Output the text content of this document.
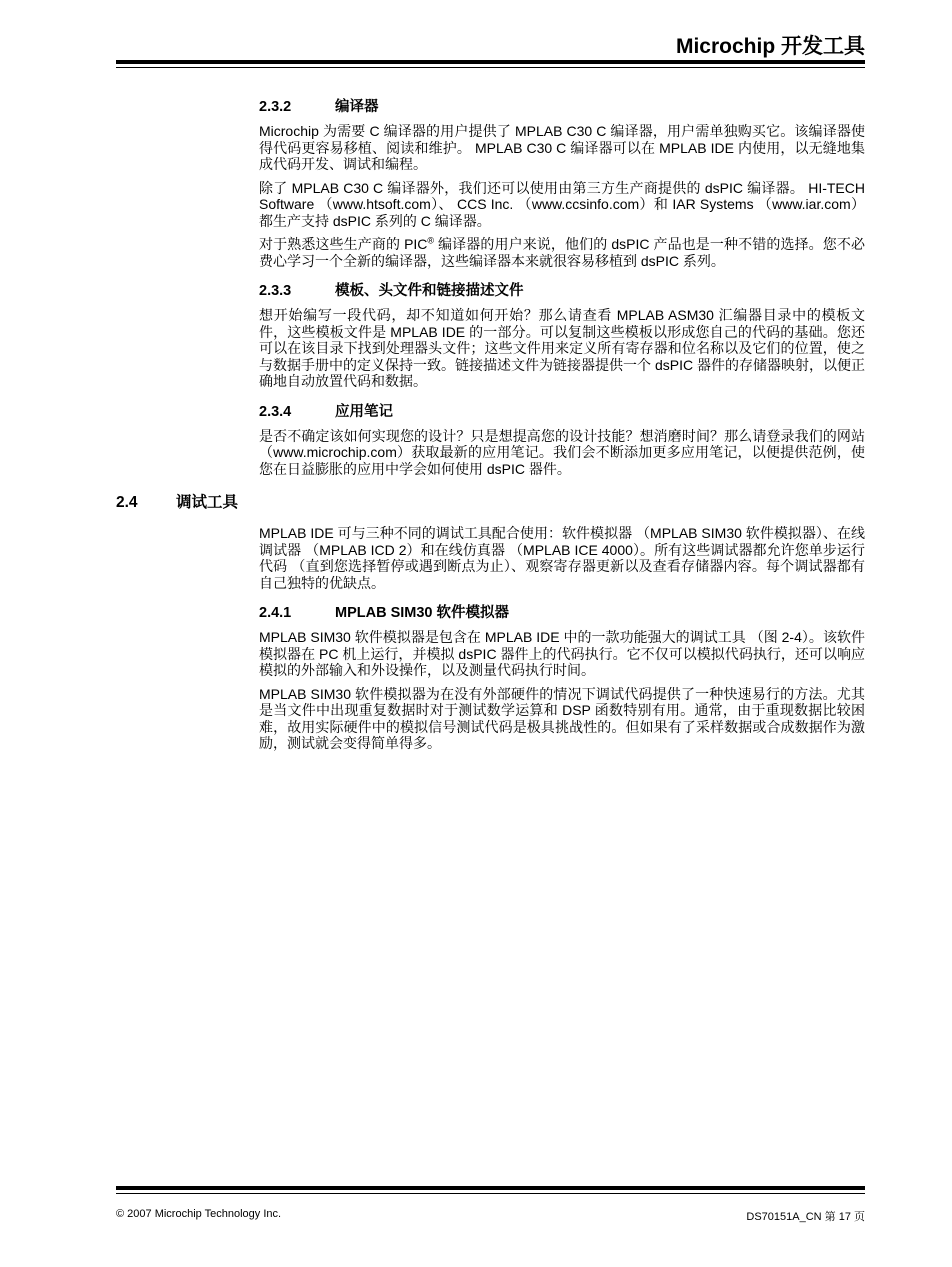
Microchip 开发工具
2.3.2	编译器

Microchip 为需要 C 编译器的用户提供了 MPLAB C30 C 编译器，用户需单独购买它。该编译器使得代码更容易移植、阅读和维护。 MPLAB C30 C 编译器可以在 MPLAB IDE 内使用，以无缝地集成代码开发、调试和编程。

除了 MPLAB C30 C 编译器外，我们还可以使用由第三方生产商提供的 dsPIC 编译器。 HI-TECH Software （www.htsoft.com）、 CCS Inc. （www.ccsinfo.com）和 IAR Systems （www.iar.com）都生产支持 dsPIC 系列的 C 编译器。

对于熟悉这些生产商的 PIC® 编译器的用户来说，他们的 dsPIC 产品也是一种不错的选择。您不必费心学习一个全新的编译器，这些编译器本来就很容易移植到 dsPIC 系列。

2.3.3	模板、头文件和链接描述文件

想开始编写一段代码，却不知道如何开始？那么请查看 MPLAB ASM30 汇编器目录中的模板文件，这些模板文件是 MPLAB IDE 的一部分。可以复制这些模板以形成您自己的代码的基础。您还可以在该目录下找到处理器头文件；这些文件用来定义所有寄存器和位名称以及它们的位置，使之与数据手册中的定义保持一致。链接描述文件为链接器提供一个 dsPIC 器件的存储器映射，以便正确地自动放置代码和数据。

2.3.4	应用笔记

是否不确定该如何实现您的设计？只是想提高您的设计技能？想消磨时间？那么请登录我们的网站 （www.microchip.com）获取最新的应用笔记。我们会不断添加更多应用笔记，以便提供范例，使您在日益膨胀的应用中学会如何使用 dsPIC 器件。

2.4 调试工具

MPLAB IDE 可与三种不同的调试工具配合使用：软件模拟器 （MPLAB SIM30 软件模拟器）、在线调试器 （MPLAB ICD 2）和在线仿真器 （MPLAB ICE 4000）。所有这些调试器都允许您单步运行代码 （直到您选择暂停或遇到断点为止）、观察寄存器更新以及查看存储器内容。每个调试器都有自己独特的优缺点。

2.4.1	MPLAB SIM30 软件模拟器

MPLAB SIM30 软件模拟器是包含在 MPLAB IDE 中的一款功能强大的调试工具 （图 2-4）。该软件模拟器在 PC 机上运行，并模拟 dsPIC 器件上的代码执行。它不仅可以模拟代码执行，还可以响应模拟的外部输入和外设操作，以及测量代码执行时间。

MPLAB SIM30 软件模拟器为在没有外部硬件的情况下调试代码提供了一种快速易行的方法。尤其是当文件中出现重复数据时对于测试数学运算和 DSP 函数特别有用。通常，由于重现数据比较困难，故用实际硬件中的模拟信号测试代码是极具挑战性的。但如果有了采样数据或合成数据作为激励，测试就会变得简单得多。

© 2007 Microchip Technology Inc.	DS70151A_CN 第 17 页
